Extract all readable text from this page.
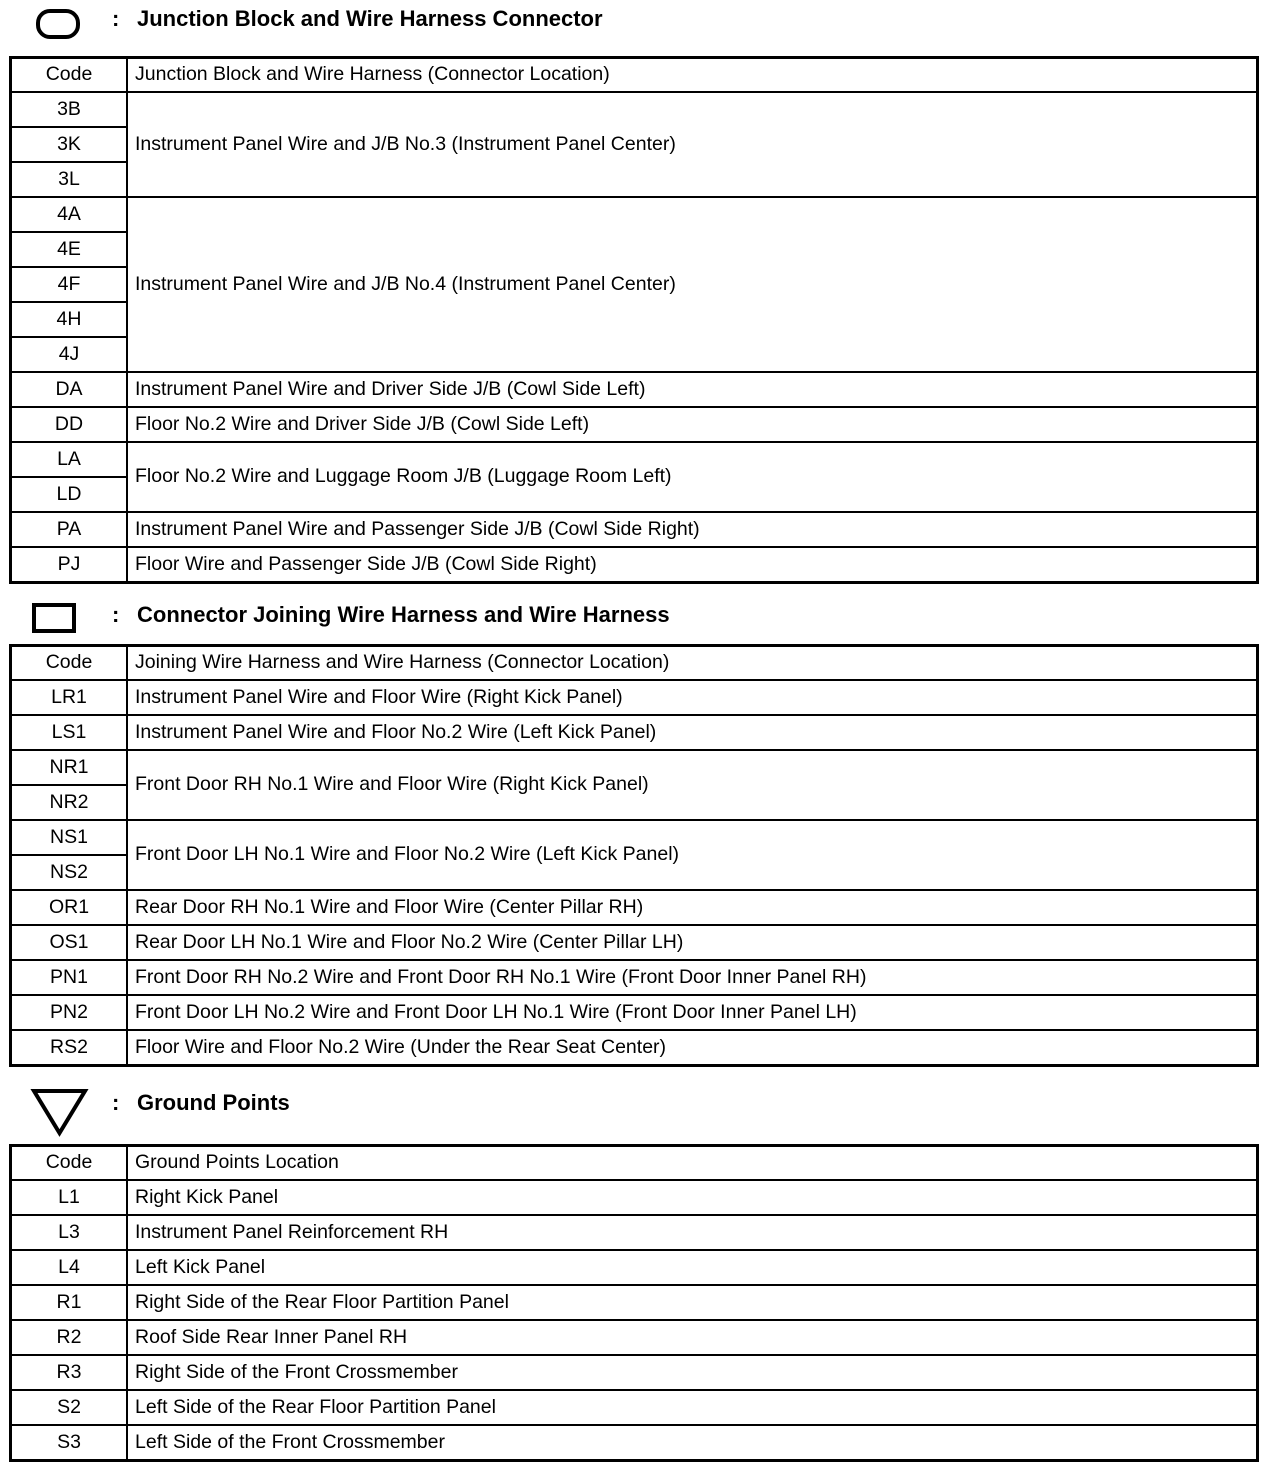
: Junction Block and Wire Harness Connector
Code	Junction Block and Wire Harness (Connector Location)
3B	Instrument Panel Wire and J/B No.3 (Instrument Panel Center)
3K	
3L	
4A	Instrument Panel Wire and J/B No.4 (Instrument Panel Center)
4E	
4F	
4H	
4J	
DA	Instrument Panel Wire and Driver Side J/B (Cowl Side Left)
DD	Floor No.2 Wire and Driver Side J/B (Cowl Side Left)
LA	Floor No.2 Wire and Luggage Room J/B (Luggage Room Left)
LD	
PA	Instrument Panel Wire and Passenger Side J/B (Cowl Side Right)
PJ	Floor Wire and Passenger Side J/B (Cowl Side Right)
: Connector Joining Wire Harness and Wire Harness
Code	Joining Wire Harness and Wire Harness (Connector Location)
LR1	Instrument Panel Wire and Floor Wire (Right Kick Panel)
LS1	Instrument Panel Wire and Floor No.2 Wire (Left Kick Panel)
NR1	Front Door RH No.1 Wire and Floor Wire (Right Kick Panel)
NR2	
NS1	Front Door LH No.1 Wire and Floor No.2 Wire (Left Kick Panel)
NS2	
OR1	Rear Door RH No.1 Wire and Floor Wire (Center Pillar RH)
OS1	Rear Door LH No.1 Wire and Floor No.2 Wire (Center Pillar LH)
PN1	Front Door RH No.2 Wire and Front Door RH No.1 Wire (Front Door Inner Panel RH)
PN2	Front Door LH No.2 Wire and Front Door LH No.1 Wire (Front Door Inner Panel LH)
RS2	Floor Wire and Floor No.2 Wire (Under the Rear Seat Center)
: Ground Points
Code	Ground Points Location
L1	Right Kick Panel
L3	Instrument Panel Reinforcement RH
L4	Left Kick Panel
R1	Right Side of the Rear Floor Partition Panel
R2	Roof Side Rear Inner Panel RH
R3	Right Side of the Front Crossmember
S2	Left Side of the Rear Floor Partition Panel
S3	Left Side of the Front Crossmember
